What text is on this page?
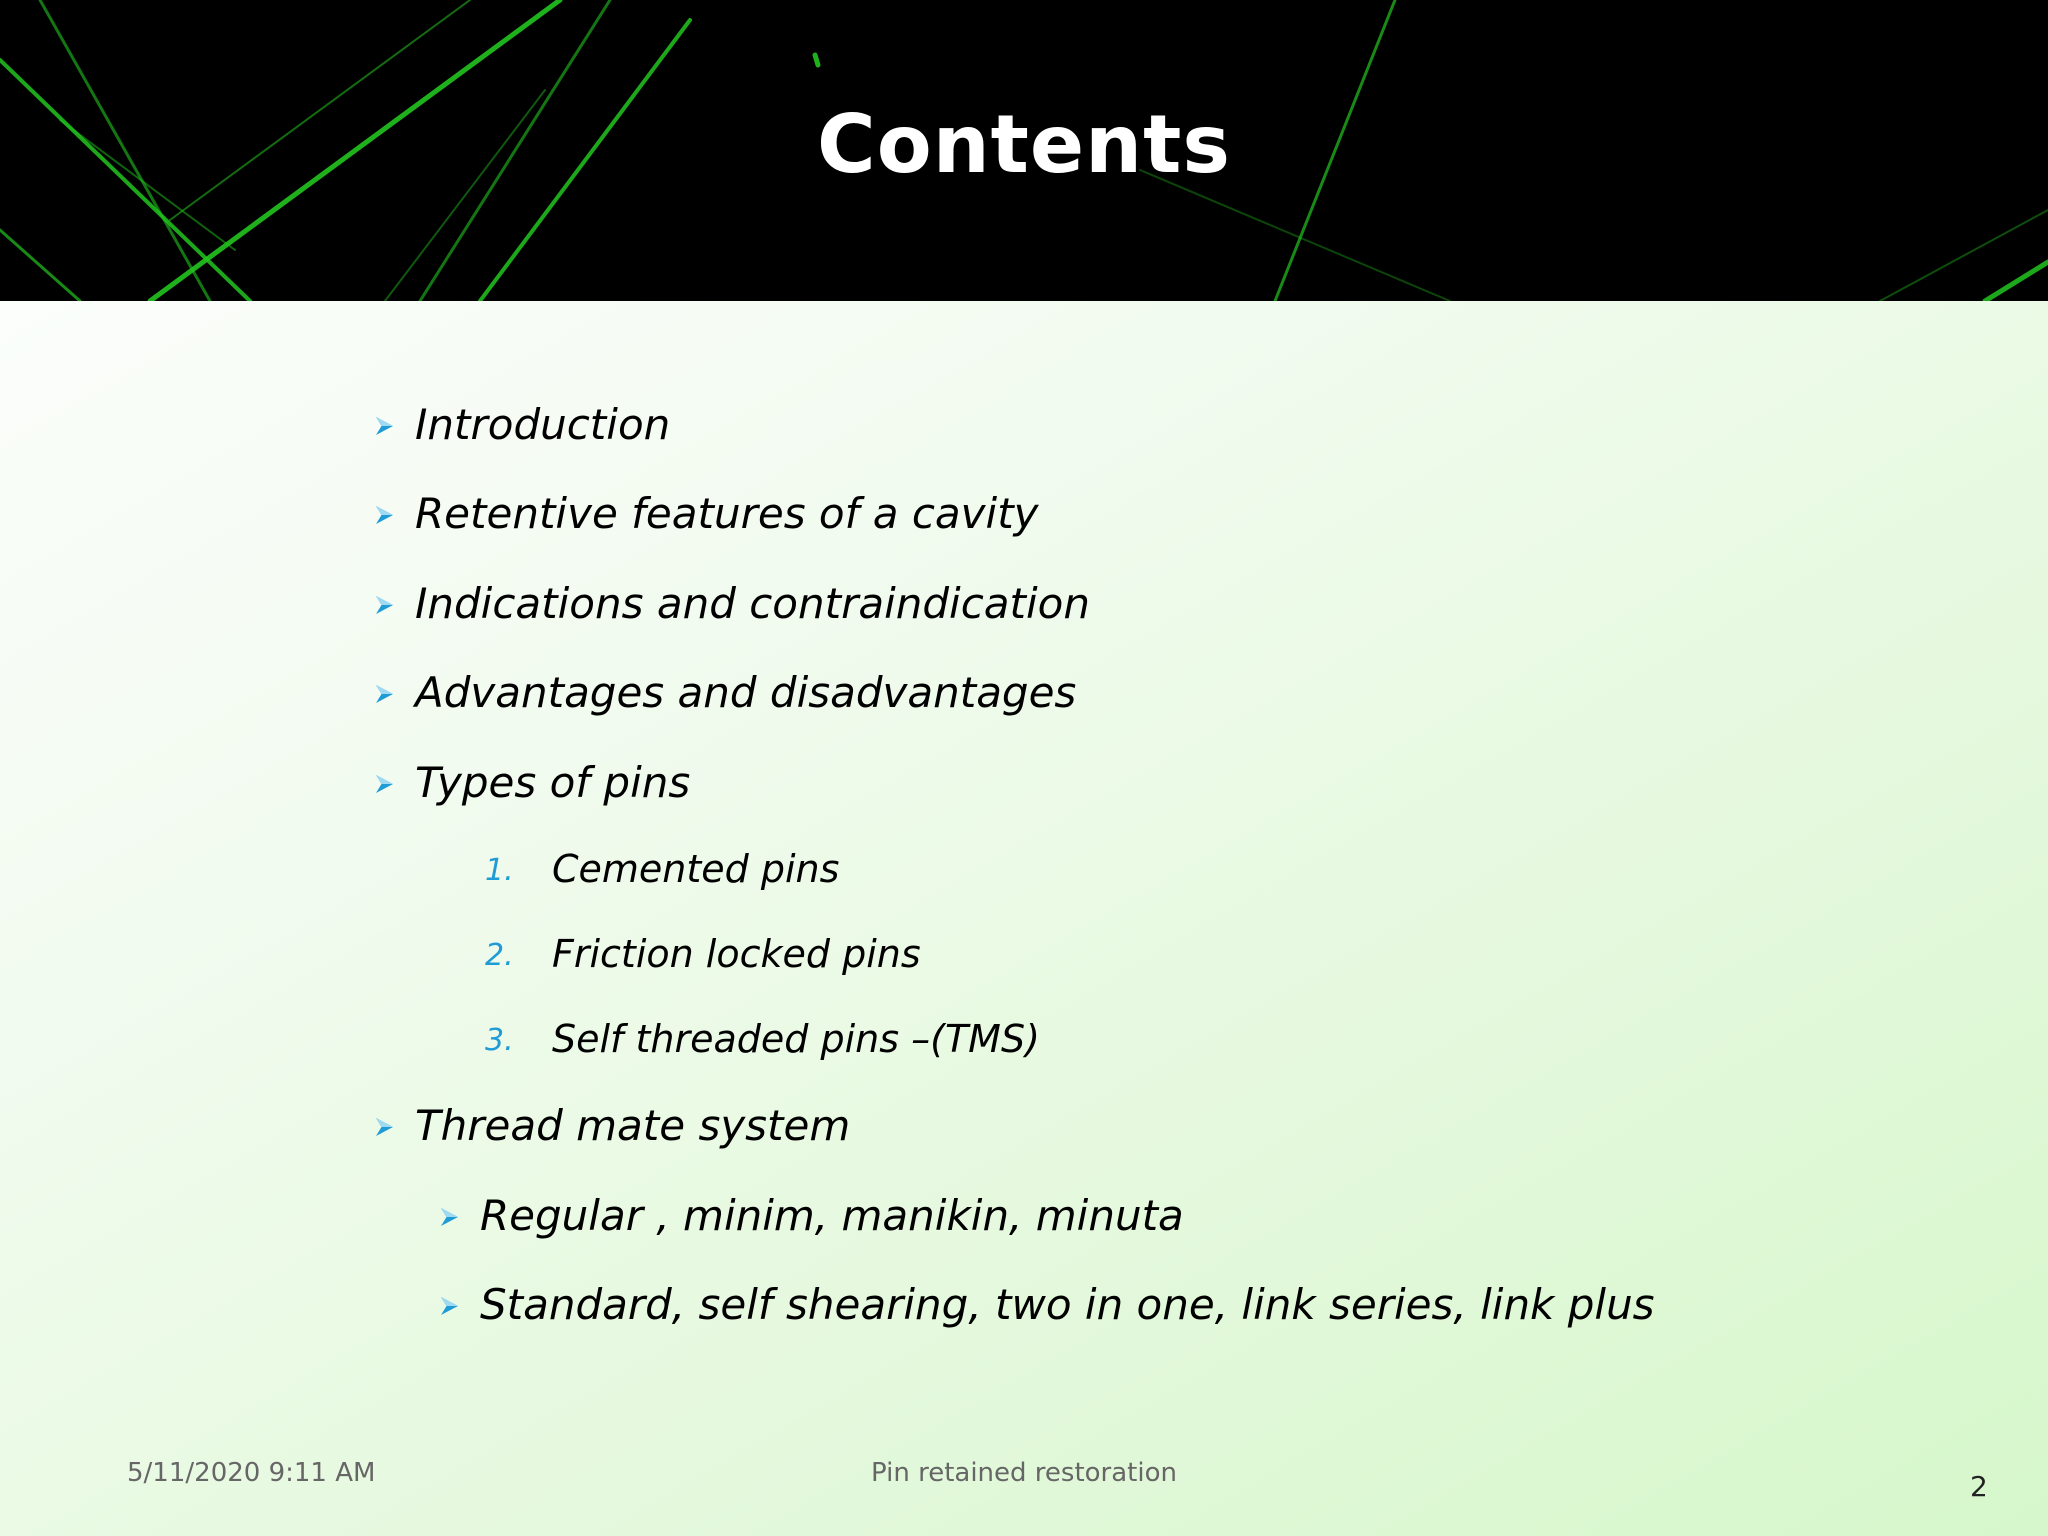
Contents
Introduction
Retentive features of a cavity
Indications and contraindication
Advantages and disadvantages
Types of pins
1. Cemented pins
2. Friction locked pins
3. Self threaded pins –(TMS)
Thread mate system
Regular , minim, manikin, minuta
Standard, self shearing, two in one, link series, link plus
5/11/2020 9:11 AM	Pin retained restoration	2
